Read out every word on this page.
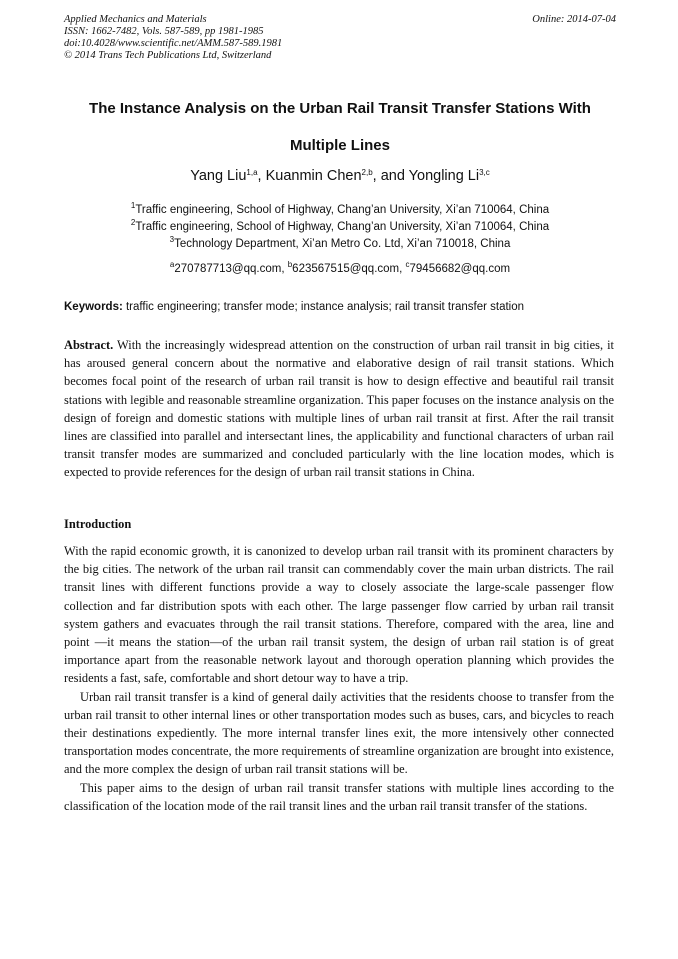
Applied Mechanics and Materials
ISSN: 1662-7482, Vols. 587-589, pp 1981-1985
doi:10.4028/www.scientific.net/AMM.587-589.1981
© 2014 Trans Tech Publications Ltd, Switzerland
Online: 2014-07-04
The Instance Analysis on the Urban Rail Transit Transfer Stations With
Multiple Lines
Yang Liu$^{1,a}$, Kuanmin Chen$^{2,b}$, and Yongling Li$^{3,c}$
$^1$Traffic engineering, School of Highway, Chang’an University, Xi’an 710064, China
$^2$Traffic engineering, School of Highway, Chang’an University, Xi’an 710064, China
$^3$Technology Department, Xi’an Metro Co. Ltd, Xi’an 710018, China
$^a$270787713@qq.com, $^b$623567515@qq.com, $^c$79456682@qq.com
Keywords: traffic engineering; transfer mode; instance analysis; rail transit transfer station
Abstract. With the increasingly widespread attention on the construction of urban rail transit in big cities, it has aroused general concern about the normative and elaborative design of rail transit stations. Which becomes focal point of the research of urban rail transit is how to design effective and beautiful rail transit stations with legible and reasonable streamline organization. This paper focuses on the instance analysis on the design of foreign and domestic stations with multiple lines of urban rail transit at first. After the rail transit lines are classified into parallel and intersectant lines, the applicability and functional characters of urban rail transit transfer modes are summarized and concluded particularly with the line location modes, which is expected to provide references for the design of urban rail transit stations in China.
Introduction

With the rapid economic growth, it is canonized to develop urban rail transit with its prominent characters by the big cities. The network of the urban rail transit can commendably cover the main urban districts. The rail transit lines with different functions provide a way to closely associate the large-scale passenger flow collection and far distribution spots with each other. The large passenger flow carried by urban rail transit system gathers and evacuates through the rail transit stations. Therefore, compared with the area, line and point —it means the station—of the urban rail transit system, the design of urban rail station is of great importance apart from the reasonable network layout and thorough operation planning which provides the residents a fast, safe, comfortable and short detour way to have a trip.

Urban rail transit transfer is a kind of general daily activities that the residents choose to transfer from the urban rail transit to other internal lines or other transportation modes such as buses, cars, and bicycles to reach their destinations expediently. The more internal transfer lines exit, the more intensively other connected transportation modes concentrate, the more requirements of streamline organization are brought into existence, and the more complex the design of urban rail transit stations will be.

This paper aims to the design of urban rail transit transfer stations with multiple lines according to the classification of the location mode of the rail transit lines and the urban rail transit transfer of the stations.
